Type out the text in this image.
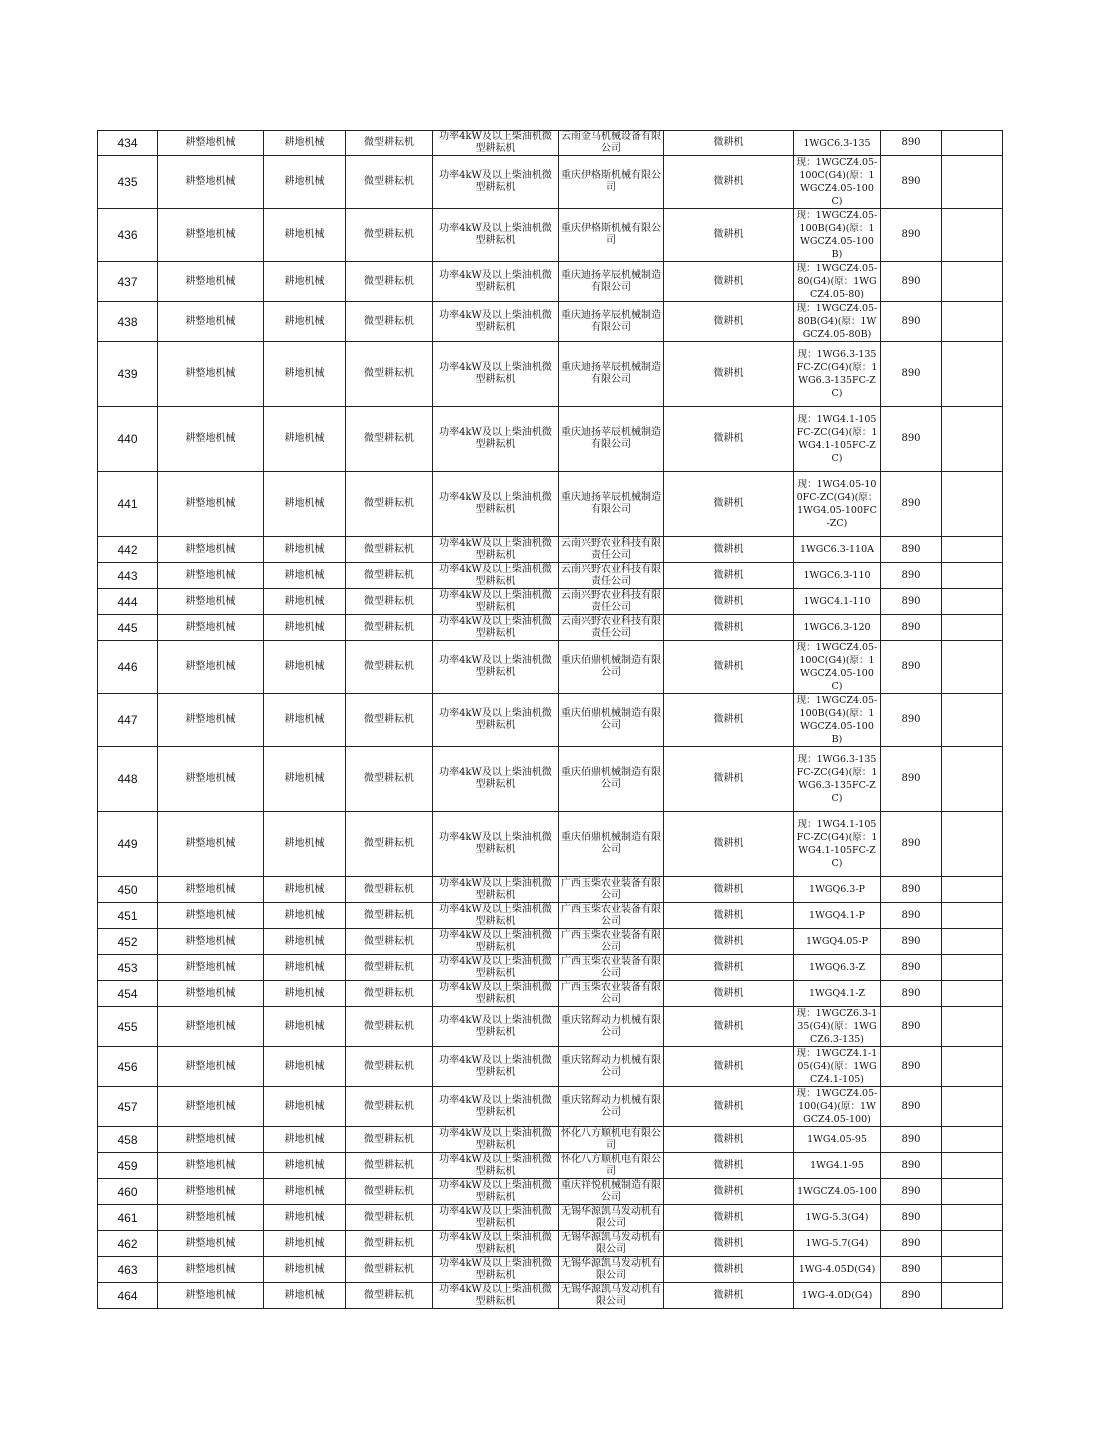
434	耕整地机械	耕地机械	微型耕耘机	功率4kW及以上柴油机微型耕耘机	云南金马机械设备有限公司	微耕机	1WGC6.3-135	890	
435	耕整地机械	耕地机械	微型耕耘机	功率4kW及以上柴油机微型耕耘机	重庆伊格斯机械有限公司	微耕机	现：1WGCZ4.05-100C(G4)(原：1WGCZ4.05-100C)	890	
436	耕整地机械	耕地机械	微型耕耘机	功率4kW及以上柴油机微型耕耘机	重庆伊格斯机械有限公司	微耕机	现：1WGCZ4.05-100B(G4)(原：1WGCZ4.05-100B)	890	
437	耕整地机械	耕地机械	微型耕耘机	功率4kW及以上柴油机微型耕耘机	重庆迪扬苹辰机械制造有限公司	微耕机	现：1WGCZ4.05-80(G4)(原：1WGCZ4.05-80)	890	
438	耕整地机械	耕地机械	微型耕耘机	功率4kW及以上柴油机微型耕耘机	重庆迪扬苹辰机械制造有限公司	微耕机	现：1WGCZ4.05-80B(G4)(原：1WGCZ4.05-80B)	890	
439	耕整地机械	耕地机械	微型耕耘机	功率4kW及以上柴油机微型耕耘机	重庆迪扬苹辰机械制造有限公司	微耕机	现：1WG6.3-135FC-ZC(G4)(原：1WG6.3-135FC-ZC)	890	
440	耕整地机械	耕地机械	微型耕耘机	功率4kW及以上柴油机微型耕耘机	重庆迪扬苹辰机械制造有限公司	微耕机	现：1WG4.1-105FC-ZC(G4)(原：1WG4.1-105FC-ZC)	890	
441	耕整地机械	耕地机械	微型耕耘机	功率4kW及以上柴油机微型耕耘机	重庆迪扬苹辰机械制造有限公司	微耕机	现：1WG4.05-100FC-ZC(G4)(原：1WG4.05-100FC-ZC)	890	
442	耕整地机械	耕地机械	微型耕耘机	功率4kW及以上柴油机微型耕耘机	云南兴野农业科技有限责任公司	微耕机	1WGC6.3-110A	890	
443	耕整地机械	耕地机械	微型耕耘机	功率4kW及以上柴油机微型耕耘机	云南兴野农业科技有限责任公司	微耕机	1WGC6.3-110	890	
444	耕整地机械	耕地机械	微型耕耘机	功率4kW及以上柴油机微型耕耘机	云南兴野农业科技有限责任公司	微耕机	1WGC4.1-110	890	
445	耕整地机械	耕地机械	微型耕耘机	功率4kW及以上柴油机微型耕耘机	云南兴野农业科技有限责任公司	微耕机	1WGC6.3-120	890	
446	耕整地机械	耕地机械	微型耕耘机	功率4kW及以上柴油机微型耕耘机	重庆佰鼎机械制造有限公司	微耕机	现：1WGCZ4.05-100C(G4)(原：1WGCZ4.05-100C)	890	
447	耕整地机械	耕地机械	微型耕耘机	功率4kW及以上柴油机微型耕耘机	重庆佰鼎机械制造有限公司	微耕机	现：1WGCZ4.05-100B(G4)(原：1WGCZ4.05-100B)	890	
448	耕整地机械	耕地机械	微型耕耘机	功率4kW及以上柴油机微型耕耘机	重庆佰鼎机械制造有限公司	微耕机	现：1WG6.3-135FC-ZC(G4)(原：1WG6.3-135FC-ZC)	890	
449	耕整地机械	耕地机械	微型耕耘机	功率4kW及以上柴油机微型耕耘机	重庆佰鼎机械制造有限公司	微耕机	现：1WG4.1-105FC-ZC(G4)(原：1WG4.1-105FC-ZC)	890	
450	耕整地机械	耕地机械	微型耕耘机	功率4kW及以上柴油机微型耕耘机	广西玉柴农业装备有限公司	微耕机	1WGQ6.3-P	890	
451	耕整地机械	耕地机械	微型耕耘机	功率4kW及以上柴油机微型耕耘机	广西玉柴农业装备有限公司	微耕机	1WGQ4.1-P	890	
452	耕整地机械	耕地机械	微型耕耘机	功率4kW及以上柴油机微型耕耘机	广西玉柴农业装备有限公司	微耕机	1WGQ4.05-P	890	
453	耕整地机械	耕地机械	微型耕耘机	功率4kW及以上柴油机微型耕耘机	广西玉柴农业装备有限公司	微耕机	1WGQ6.3-Z	890	
454	耕整地机械	耕地机械	微型耕耘机	功率4kW及以上柴油机微型耕耘机	广西玉柴农业装备有限公司	微耕机	1WGQ4.1-Z	890	
455	耕整地机械	耕地机械	微型耕耘机	功率4kW及以上柴油机微型耕耘机	重庆铭辉动力机械有限公司	微耕机	现：1WGCZ6.3-135(G4)(原：1WGCZ6.3-135)	890	
456	耕整地机械	耕地机械	微型耕耘机	功率4kW及以上柴油机微型耕耘机	重庆铭辉动力机械有限公司	微耕机	现：1WGCZ4.1-105(G4)(原：1WGCZ4.1-105)	890	
457	耕整地机械	耕地机械	微型耕耘机	功率4kW及以上柴油机微型耕耘机	重庆铭辉动力机械有限公司	微耕机	现：1WGCZ4.05-100(G4)(原：1WGCZ4.05-100)	890	
458	耕整地机械	耕地机械	微型耕耘机	功率4kW及以上柴油机微型耕耘机	怀化八方顺机电有限公司	微耕机	1WG4.05-95	890	
459	耕整地机械	耕地机械	微型耕耘机	功率4kW及以上柴油机微型耕耘机	怀化八方顺机电有限公司	微耕机	1WG4.1-95	890	
460	耕整地机械	耕地机械	微型耕耘机	功率4kW及以上柴油机微型耕耘机	重庆祥悦机械制造有限公司	微耕机	1WGCZ4.05-100	890	
461	耕整地机械	耕地机械	微型耕耘机	功率4kW及以上柴油机微型耕耘机	无锡华源凯马发动机有限公司	微耕机	1WG-5.3(G4)	890	
462	耕整地机械	耕地机械	微型耕耘机	功率4kW及以上柴油机微型耕耘机	无锡华源凯马发动机有限公司	微耕机	1WG-5.7(G4)	890	
463	耕整地机械	耕地机械	微型耕耘机	功率4kW及以上柴油机微型耕耘机	无锡华源凯马发动机有限公司	微耕机	1WG-4.05D(G4)	890	
464	耕整地机械	耕地机械	微型耕耘机	功率4kW及以上柴油机微型耕耘机	无锡华源凯马发动机有限公司	微耕机	1WG-4.0D(G4)	890	
